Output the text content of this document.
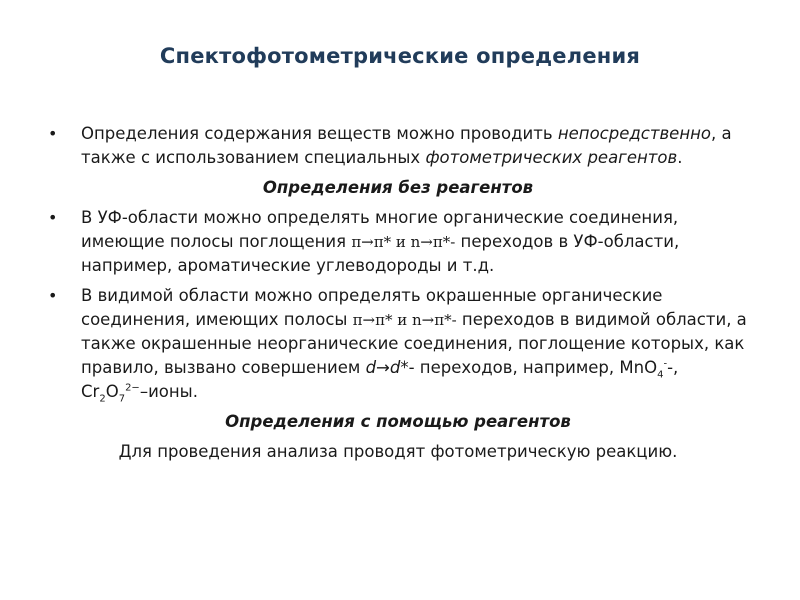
Спектофотометрические определения
• Определения содержания веществ можно проводить непосредственно, а также с использованием специальных фотометрических реагентов.
Определения без реагентов
• В УФ-области можно определять многие органические соединения, имеющие полосы поглощения π→π* и n→π*- переходов в УФ-области, например, ароматические углеводороды и т.д.
• В видимой области можно определять окрашенные органические соединения, имеющих полосы π→π* и n→π*- переходов в видимой области, а также окрашенные неорганические соединения, поглощение которых, как правило, вызвано совершением d→d*- переходов, например, MnO$_4$--, $Cr_2O_7^{2-}$–ионы.
Определения с помощью реагентов
Для проведения анализа проводят фотометрическую реакцию.
